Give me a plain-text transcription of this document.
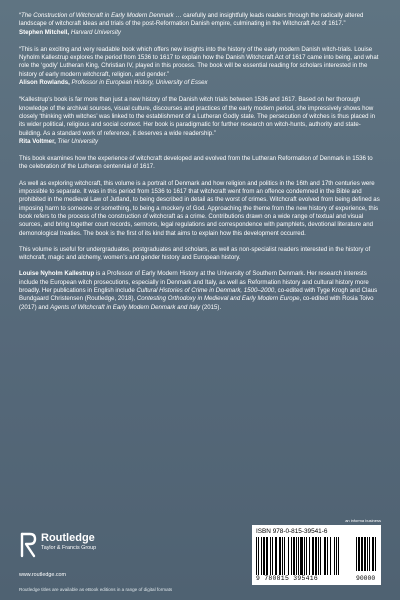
“The Construction of Witchcraft in Early Modern Denmark … carefully and insightfully leads readers through the radically altered landscape of witchcraft ideas and trials of the post-Reformation Danish empire, culminating in the Witchcraft Act of 1617.”

Stephen Mitchell, Harvard University

“This is an exciting and very readable book which offers new insights into the history of the early modern Danish witch-trials. Louise Nyholm Kallestrup explores the period from 1536 to 1617 to explain how the Danish Witchcraft Act of 1617 came into being, and what role the ‘godly’ Lutheran King, Christian IV, played in this process. The book will be essential reading for scholars interested in the history of early modern witchcraft, religion, and gender.”

Alison Rowlands, Professor in European History, University of Essex

“Kallestrup’s book is far more than just a new history of the Danish witch trials between 1536 and 1617. Based on her thorough knowledge of the archival sources, visual culture, discourses and practices of the early modern period, she impressively shows how closely ‘thinking with witches’ was linked to the establishment of a Lutheran Godly state. The persecution of witches is thus placed in its wider political, religious and social context. Her book is paradigmatic for further research on witch-hunts, authority and state-building. As a standard work of reference, it deserves a wide readership.”

Rita Voltmer, Trier University

This book examines how the experience of witchcraft developed and evolved from the Lutheran Reformation of Denmark in 1536 to the celebration of the Lutheran centennial of 1617.

As well as exploring witchcraft, this volume is a portrait of Denmark and how religion and politics in the 16th and 17th centuries were impossible to separate. It was in this period from 1536 to 1617 that witchcraft went from an offence condemned in the Bible and prohibited in the medieval Law of Jutland, to being described in detail as the worst of crimes. Witchcraft evolved from being defined as imposing harm to someone or something, to being a mockery of God. Approaching the theme from the new history of experience, this book refers to the process of the construction of witchcraft as a crime. Contributions drawn on a wide range of textual and visual sources, and bring together court records, sermons, legal regulations and correspondence with pamphlets, devotional literature and demonological treaties. The book is the first of its kind that aims to explain how this development occurred.

This volume is useful for undergraduates, postgraduates and scholars, as well as non-specialist readers interested in the history of witchcraft, magic and alchemy, women’s and gender history and European history.

Louise Nyholm Kallestrup is a Professor of Early Modern History at the University of Southern Denmark. Her research interests include the European witch prosecutions, especially in Denmark and Italy, as well as Reformation history and cultural history more broadly. Her publications in English include Cultural Histories of Crime in Denmark, 1500–2000, co-edited with Tyge Krogh and Claus Bundgaard Christensen (Routledge, 2018), Contesting Orthodoxy in Medieval and Early Modern Europe, co-edited with Rosia Toivo (2017) and Agents of Witchcraft in Early Modern Denmark and Italy (2015).

Routledge
Taylor & Francis Group
www.routledge.com
Routledge titles are available as eBook editions in a range of digital formats
an informa business
ISBN 978-0-815-39541-6
9 780815 395416	90000
